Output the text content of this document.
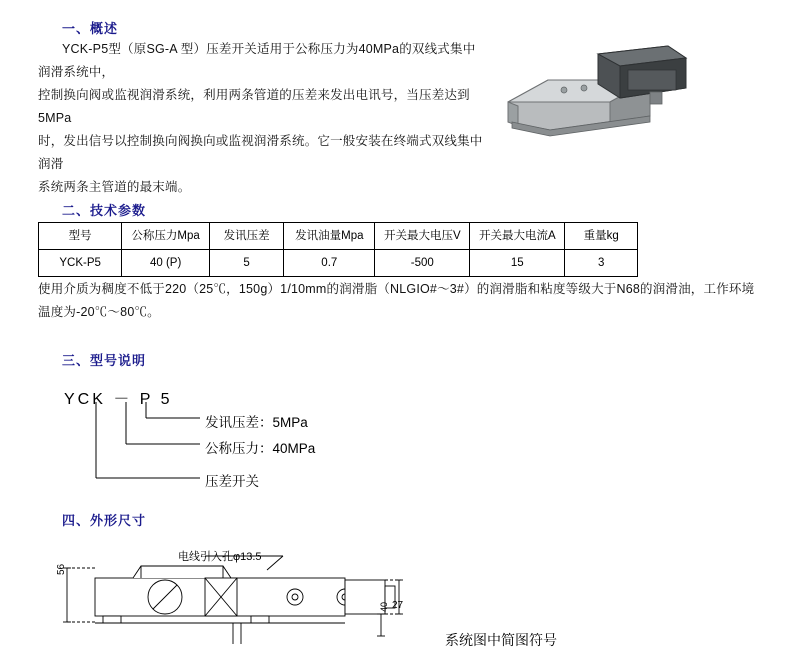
一、概述
YCK-P5型（原SG-A 型）压差开关适用于公称压力为40MPa的双线式集中润滑系统中，
控制换向阀或监视润滑系统，利用两条管道的压差来发出电讯号，当压差达到5MPa
时，发出信号以控制换向阀换向或监视润滑系统。它一般安装在终端式双线集中润滑
系统两条主管道的最末端。
二、技术参数
型号	公称压力Mpa	发讯压差	发讯油量Mpa	开关最大电压V	开关最大电流A	重量kg
YCK-P5	40 (P)	5	0.7	-500	15	3
使用介质为稠度不低于220（25℃，150g）1/10mm的润滑脂（NLGIO#～3#）的润滑脂和粘度等级大于N68的润滑油，工作环境温度为-20℃～80℃。
三、型号说明
YCK － P 5
发讯压差：5MPa
公称压力：40MPa
压差开关
四、外形尺寸
电线引入孔φ13.5
56
27
40
系统图中简图符号
